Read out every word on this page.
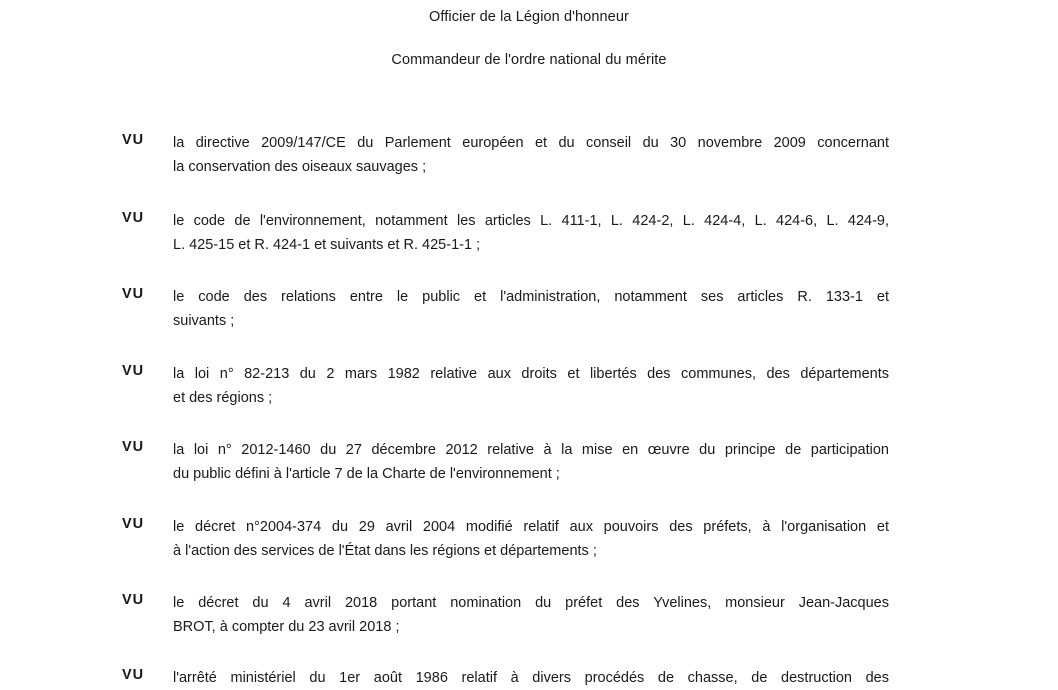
Officier de la Légion d'honneur
Commandeur de l'ordre national du mérite
VU la directive 2009/147/CE du Parlement européen et du conseil du 30 novembre 2009 concernant
la conservation des oiseaux sauvages ;
VU le code de l'environnement, notamment les articles L. 411-1, L. 424-2, L. 424-4, L. 424-6, L. 424-9,
L. 425-15 et R. 424-1 et suivants et R. 425-1-1 ;
VU le code des relations entre le public et l'administration, notamment ses articles R. 133-1 et
suivants ;
VU la loi n° 82-213 du 2 mars 1982 relative aux droits et libertés des communes, des départements
et des régions ;
VU la loi n° 2012-1460 du 27 décembre 2012 relative à la mise en œuvre du principe de participation
du public défini à l'article 7 de la Charte de l'environnement ;
VU le décret n°2004-374 du 29 avril 2004 modifié relatif aux pouvoirs des préfets, à l'organisation et
à l'action des services de l'État dans les régions et départements ;
VU le décret du 4 avril 2018 portant nomination du préfet des Yvelines, monsieur Jean-Jacques
BROT, à compter du 23 avril 2018 ;
VU l'arrêté ministériel du 1er août 1986 relatif à divers procédés de chasse, de destruction des
